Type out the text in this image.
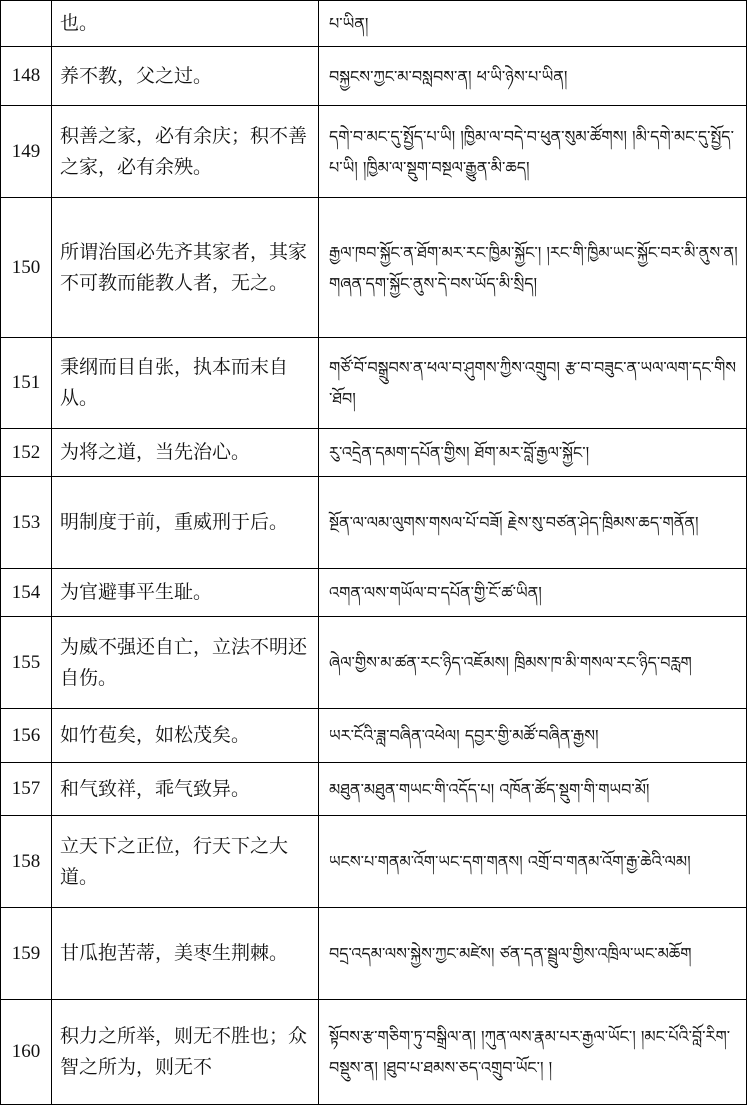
	也。	པ་ཡིན།
148	养不教，父之过。	བསྐྱངས་ཀྱང་མ་བསླབས་ན། ཕ་ཡི་ཉེས་པ་ཡིན།
149	积善之家，必有余庆；积不善之家，必有余殃。	དགེ་བ་མང་དུ་སྤྱོད་པ་ཡི། །ཁྱིམ་ལ་བདེ་བ་ཕུན་སུམ་ཚོགས། །མི་དགེ་མང་དུ་སྤྱོད་པ་ཡི། །ཁྱིམ་ལ་སྡུག་བསྔལ་རྒྱུན་མི་ཆད།
150	所谓治国必先齐其家者，其家不可教而能教人者，无之。	རྒྱལ་ཁབ་སྐྱོང་ན་ཐོག་མར་རང་ཁྱིམ་སྐྱོང་། །རང་གི་ཁྱིམ་ཡང་སྐྱོང་བར་མི་ནུས་ན། གཞན་དག་སྐྱོང་ནུས་དེ་བས་ཡོད་མི་སྲིད།
151	秉纲而目自张，执本而末自从。	གཙོ་བོ་བསྒྲུབས་ན་ཕལ་བ་ཤུགས་ཀྱིས་འགྲུབ། རྩ་བ་བཟུང་ན་ཡལ་ལག་དང་གིས་ཐོབ།
152	为将之道，当先治心。	རུ་འདྲེན་དམག་དཔོན་གྱིས། ཐོག་མར་བློ་རྒྱལ་སྐྱོང་།
153	明制度于前，重威刑于后。	སྔོན་ལ་ལམ་ལུགས་གསལ་པོ་བཟོ། རྗེས་སུ་བཙན་ཤེད་ཁྲིམས་ཆད་གནོན།
154	为官避事平生耻。	འགན་ལས་གཡོལ་བ་དཔོན་གྱི་ངོ་ཚ་ཡིན།
155	为威不强还自亡，立法不明还自伤。	ཞེལ་གྱིས་མ་ཚན་རང་ཉིད་འཇོམས། ཁྲིམས་ཁ་མི་གསལ་རང་ཉིད་བརླག
156	如竹苞矣，如松茂矣。	ཡར་ངོའི་ཟླ་བཞིན་འཕེལ། དབྱར་གྱི་མཚོ་བཞིན་རྒྱས།
157	和气致祥，乖气致异。	མཐུན་མཐུན་གཡང་གི་འདོད་པ། འཁོན་ཚོད་སྡུག་གི་གཡབ་མོ།
158	立天下之正位，行天下之大道。	ཡངས་པ་གནམ་འོག་ཡང་དག་གནས། འགྲོ་བ་གནམ་འོག་རྒྱ་ཆེའི་ལམ།
159	甘瓜抱苦蒂，美枣生荆棘。	བདྲ་འདམ་ལས་སྐྱེས་ཀྱང་མཛེས། ཙན་དན་སྦྲུལ་གྱིས་འཁྲིལ་ཡང་མཆོག
160	积力之所举，则无不胜也；众智之所为，则无不	སྟོབས་རྩ་གཅིག་ཏུ་བསྒྲིལ་ན། །ཀུན་ལས་རྣམ་པར་རྒྱལ་ཡོང་། །མང་པོའི་བློ་རིག་བསྡུས་ན། །ཐུབ་པ་ཐམས་ཅད་འགྲུབ་ཡོང་། །
